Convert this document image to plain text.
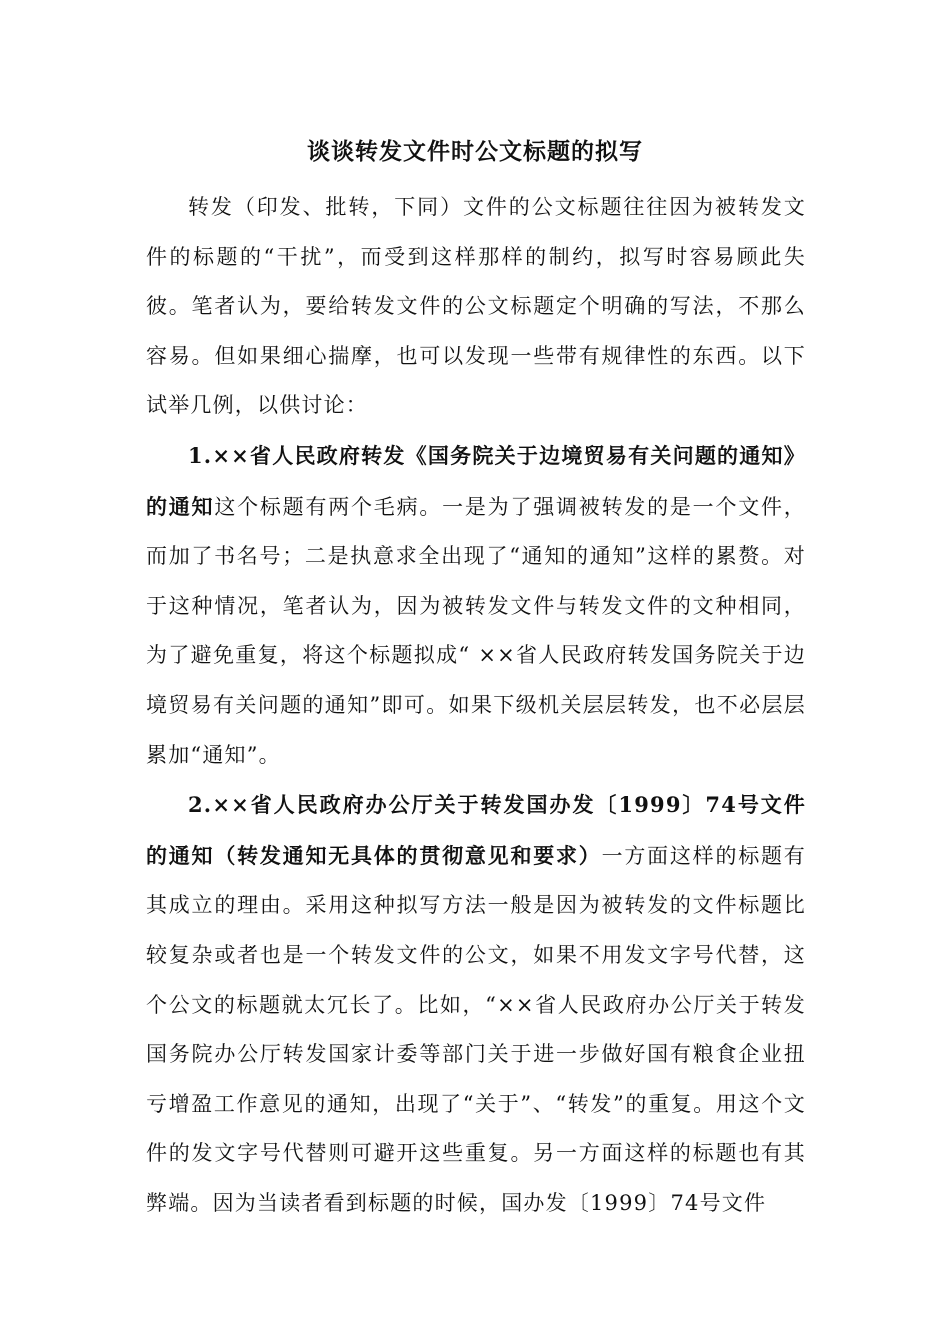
谈谈转发文件时公文标题的拟写

转发（印发、批转，下同）文件的公文标题往往因为被转发文件的标题的“干扰”，而受到这样那样的制约，拟写时容易顾此失彼。笔者认为，要给转发文件的公文标题定个明确的写法，不那么容易。但如果细心揣摩，也可以发现一些带有规律性的东西。以下试举几例，以供讨论：

1.××省人民政府转发《国务院关于边境贸易有关问题的通知》的通知这个标题有两个毛病。一是为了强调被转发的是一个文件，而加了书名号；二是执意求全出现了“通知的通知”这样的累赘。对于这种情况，笔者认为，因为被转发文件与转发文件的文种相同，为了避免重复，将这个标题拟成“ ××省人民政府转发国务院关于边境贸易有关问题的通知”即可。如果下级机关层层转发，也不必层层累加“通知”。

2.××省人民政府办公厅关于转发国办发〔1999〕74号文件的通知（转发通知无具体的贯彻意见和要求）一方面这样的标题有其成立的理由。采用这种拟写方法一般是因为被转发的文件标题比较复杂或者也是一个转发文件的公文，如果不用发文字号代替，这个公文的标题就太冗长了。比如，“××省人民政府办公厅关于转发国务院办公厅转发国家计委等部门关于进一步做好国有粮食企业扭亏增盈工作意见的通知，出现了“关于”、“转发”的重复。用这个文件的发文字号代替则可避开这些重复。另一方面这样的标题也有其弊端。因为当读者看到标题的时候，国办发〔1999〕74号文件
